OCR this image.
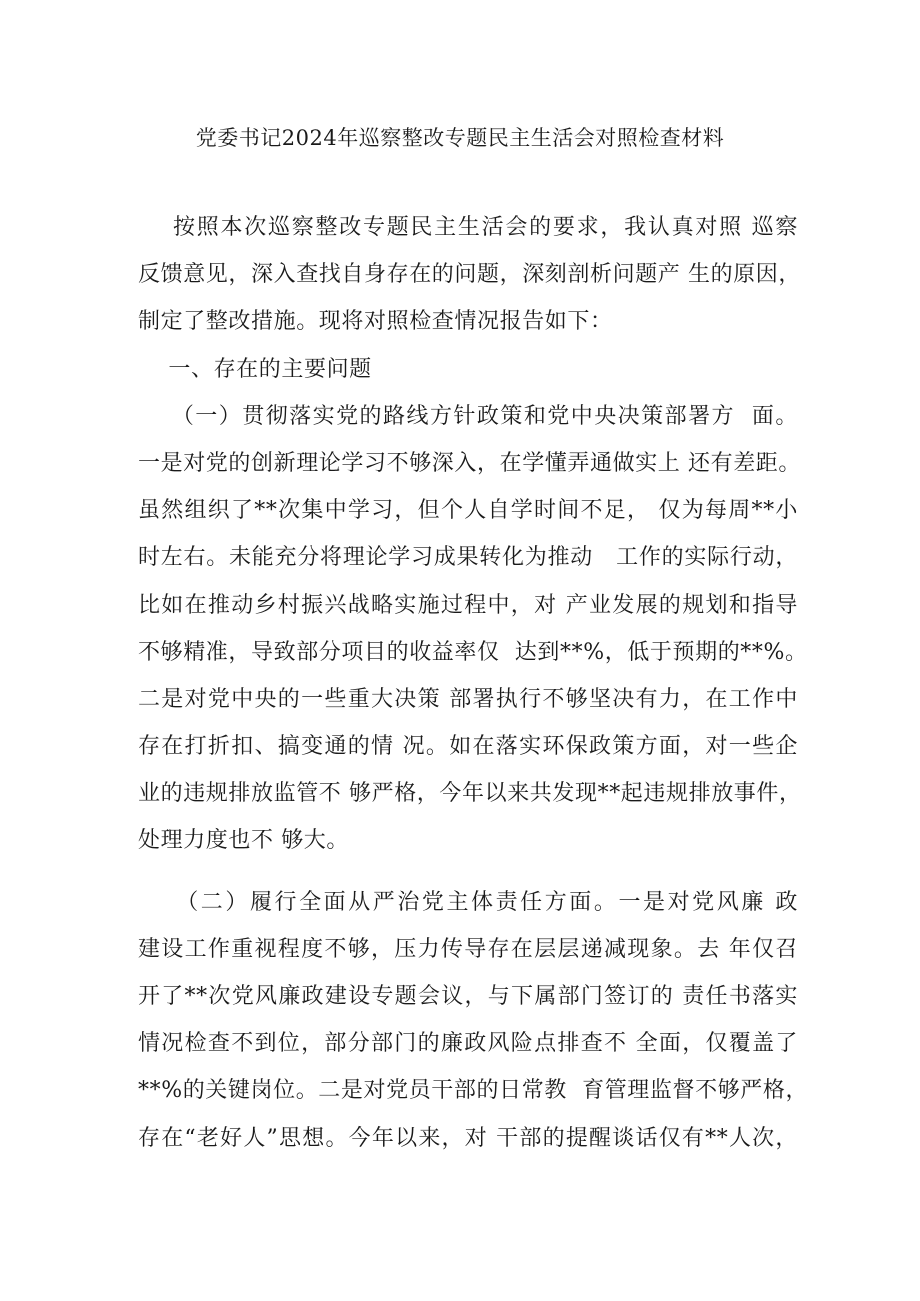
党委书记2024年巡察整改专题民主生活会对照检查材料
按照本次巡察整改专题民主生活会的要求，我认真对照 巡察
反馈意见，深入查找自身存在的问题，深刻剖析问题产 生的原因，
制定了整改措施。现将对照检查情况报告如下：
一、存在的主要问题
（一）贯彻落实党的路线方针政策和党中央决策部署方  面。
一是对党的创新理论学习不够深入，在学懂弄通做实上 还有差距。
虽然组织了**次集中学习，但个人自学时间不足， 仅为每周**小
时左右。未能充分将理论学习成果转化为推动   工作的实际行动，
比如在推动乡村振兴战略实施过程中，对 产业发展的规划和指导
不够精准，导致部分项目的收益率仅  达到**%，低于预期的**%。
二是对党中央的一些重大决策 部署执行不够坚决有力，在工作中
存在打折扣、搞变通的情 况。如在落实环保政策方面，对一些企
业的违规排放监管不 够严格，今年以来共发现**起违规排放事件，
处理力度也不 够大。
（二）履行全面从严治党主体责任方面。一是对党风廉 政
建设工作重视程度不够，压力传导存在层层递减现象。去 年仅召
开了**次党风廉政建设专题会议，与下属部门签订的 责任书落实
情况检查不到位，部分部门的廉政风险点排查不 全面，仅覆盖了
**%的关键岗位。二是对党员干部的日常教  育管理监督不够严格，
存在“老好人”思想。今年以来，对 干部的提醒谈话仅有**人次，
